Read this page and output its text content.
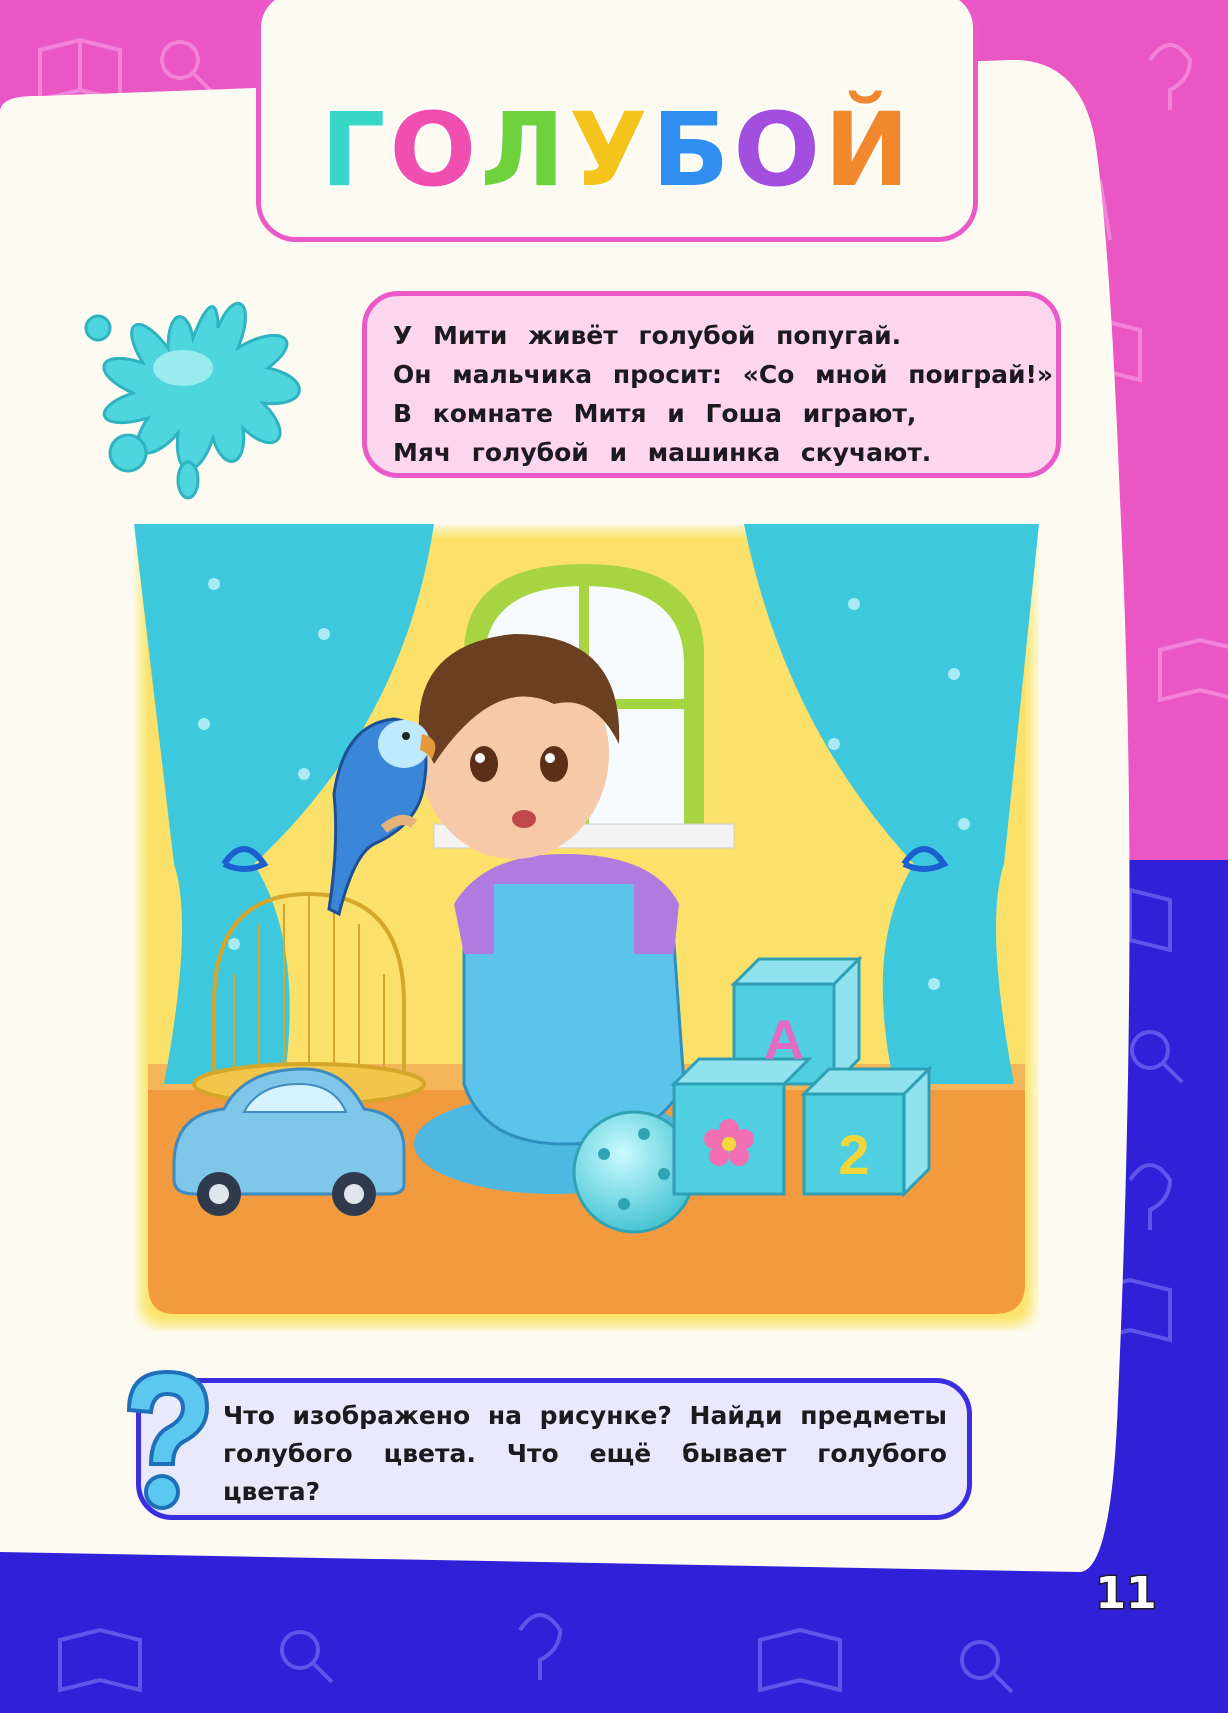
ГОЛУБОЙ
У Мити живёт голубой попугай.
Он мальчика просит: «Со мной поиграй!»
В комнате Митя и Гоша играют,
Мяч голубой и машинка скучают.
A
2
Что изображено на рисунке? Найди предметы голубого цвета. Что ещё бывает голубого цвета?
11
